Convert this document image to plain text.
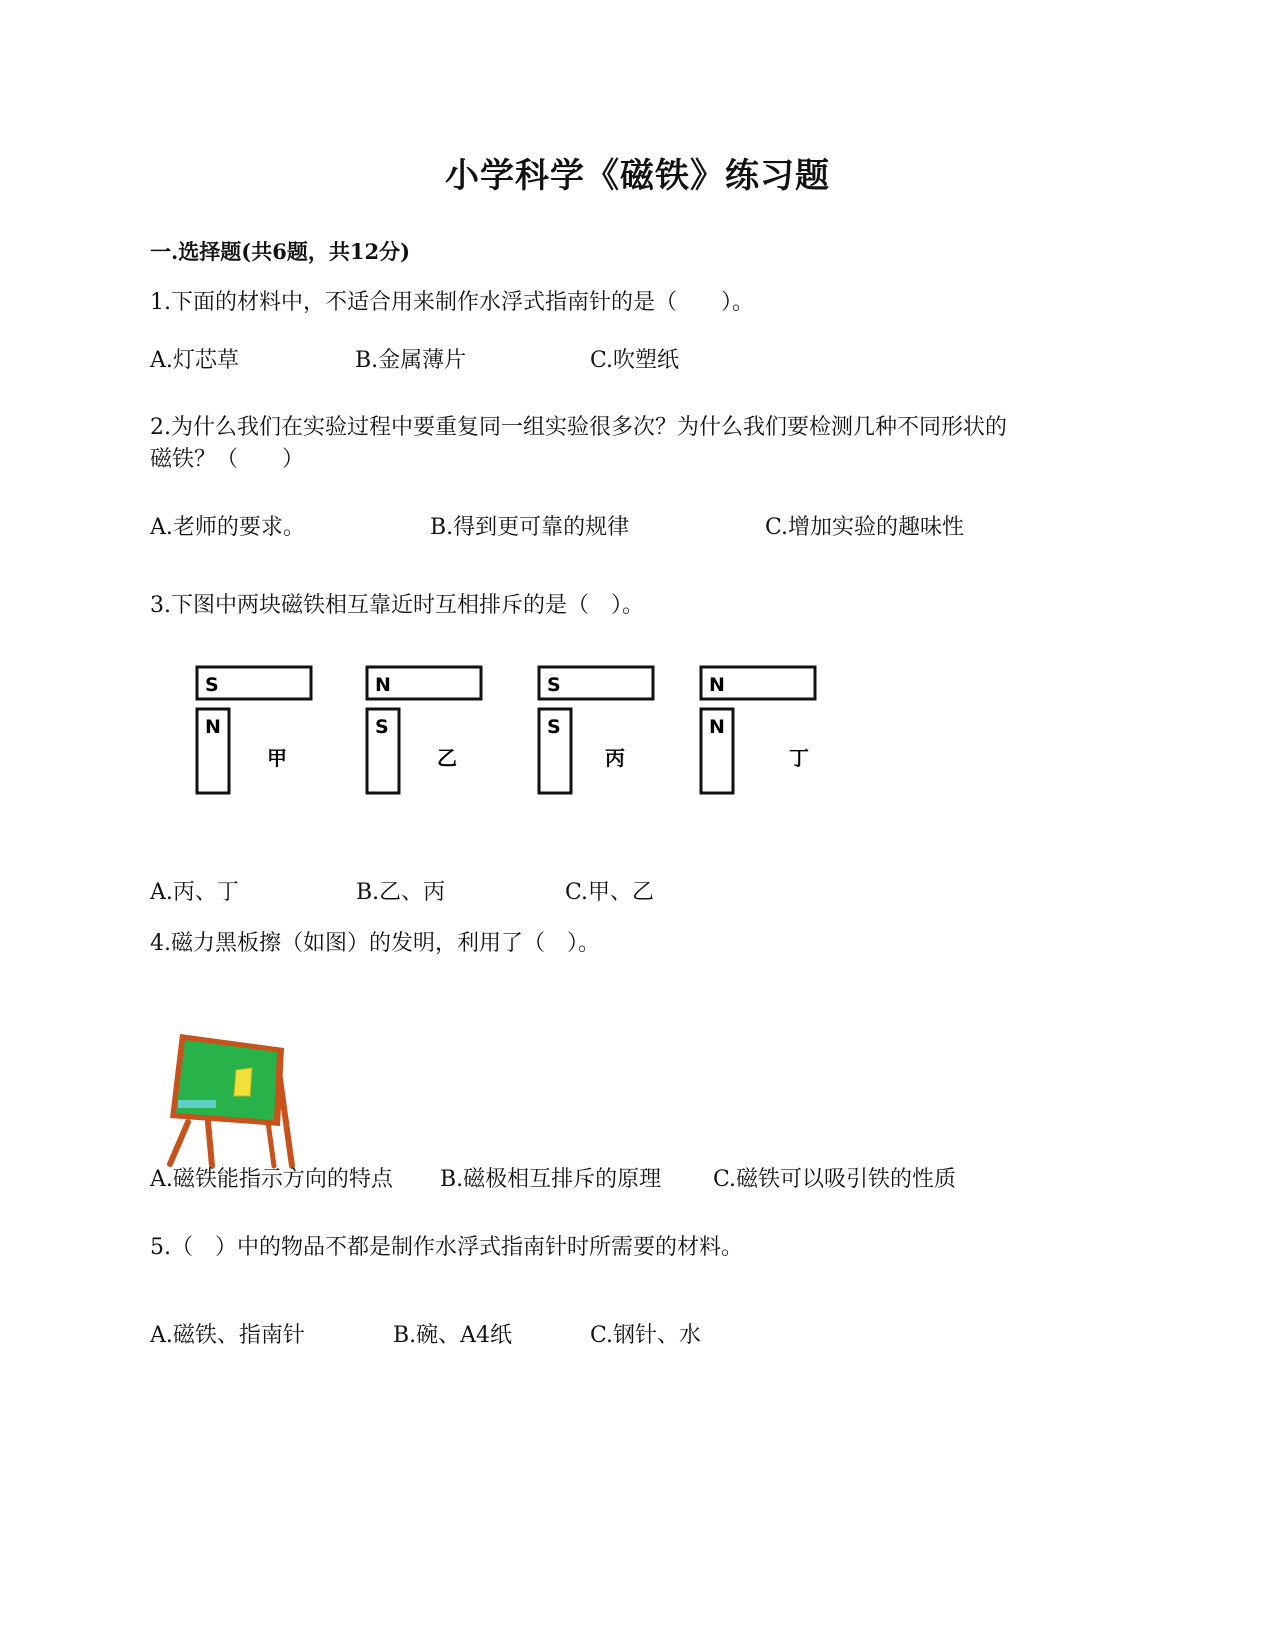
小学科学《磁铁》练习题
一.选择题(共6题，共12分)
1.下面的材料中，不适合用来制作水浮式指南针的是（　　）。
A.灯芯草	B.金属薄片	C.吹塑纸
2.为什么我们在实验过程中要重复同一组实验很多次？为什么我们要检测几种不同形状的
磁铁？（　　）
A.老师的要求。	B.得到更可靠的规律	C.增加实验的趣味性
3.下图中两块磁铁相互靠近时互相排斥的是（　）。
S
N
甲
N
S
乙
S
S
丙
N
N
丁
A.丙、丁	B.乙、丙	C.甲、乙
4.磁力黑板擦（如图）的发明，利用了（　）。
A.磁铁能指示方向的特点 B.磁极相互排斥的原理 C.磁铁可以吸引铁的性质
5.（　）中的物品不都是制作水浮式指南针时所需要的材料。
A.磁铁、指南针	B.碗、A4纸	C.钢针、水
